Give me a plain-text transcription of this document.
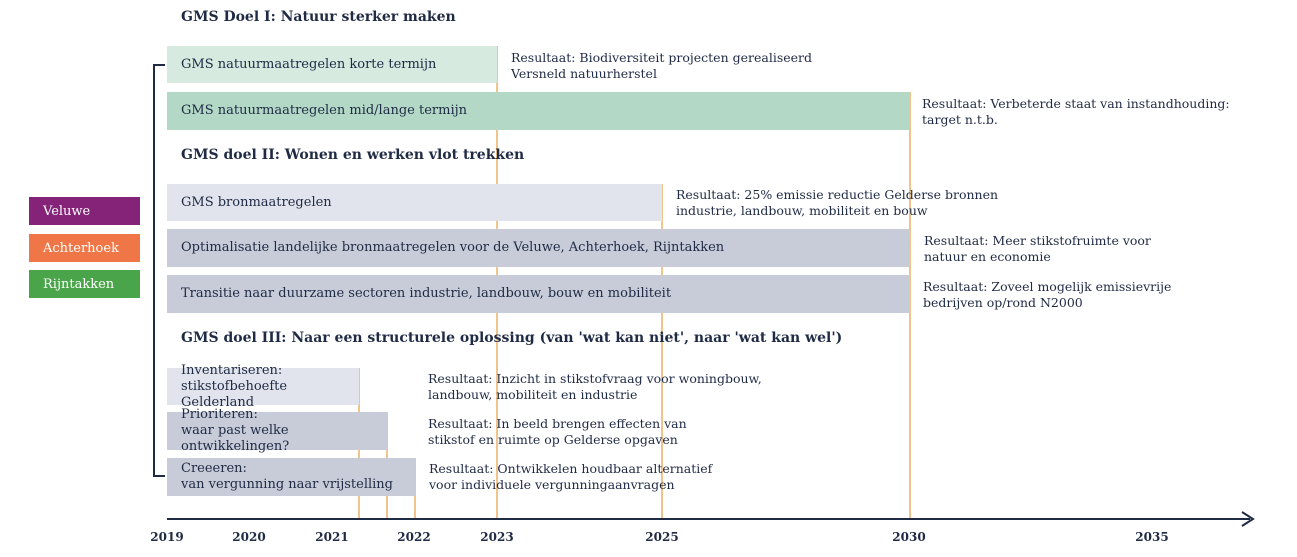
GMS Doel I: Natuur sterker maken
GMS doel II: Wonen en werken vlot trekken
GMS doel III: Naar een structurele oplossing (van 'wat kan niet', naar 'wat kan wel')
GMS natuurmaatregelen korte termijn
GMS natuurmaatregelen mid/lange termijn
GMS bronmaatregelen
Optimalisatie landelijke bronmaatregelen voor de Veluwe, Achterhoek, Rijntakken
Transitie naar duurzame sectoren industrie, landbouw, bouw en mobiliteit
Inventariseren:
stikstofbehoefte Gelderland
Prioriteren:
waar past welke ontwikkelingen?
Creeeren:
van vergunning naar vrijstelling
Resultaat: Biodiversiteit projecten gerealiseerd
Versneld natuurherstel
Resultaat: Verbeterde staat van instandhouding:
target n.t.b.
Resultaat: 25% emissie reductie Gelderse bronnen
industrie, landbouw, mobiliteit en bouw
Resultaat: Meer stikstofruimte voor
natuur en economie
Resultaat: Zoveel mogelijk emissievrije
bedrijven op/rond N2000
Resultaat: Inzicht in stikstofvraag voor woningbouw,
landbouw, mobiliteit en industrie
Resultaat: In beeld brengen effecten van
stikstof en ruimte op Gelderse opgaven
Resultaat: Ontwikkelen houdbaar alternatief
voor individuele vergunningaanvragen
Veluwe
Achterhoek
Rijntakken
2019	2020	2021	2022	2023	2025	2030	2035
